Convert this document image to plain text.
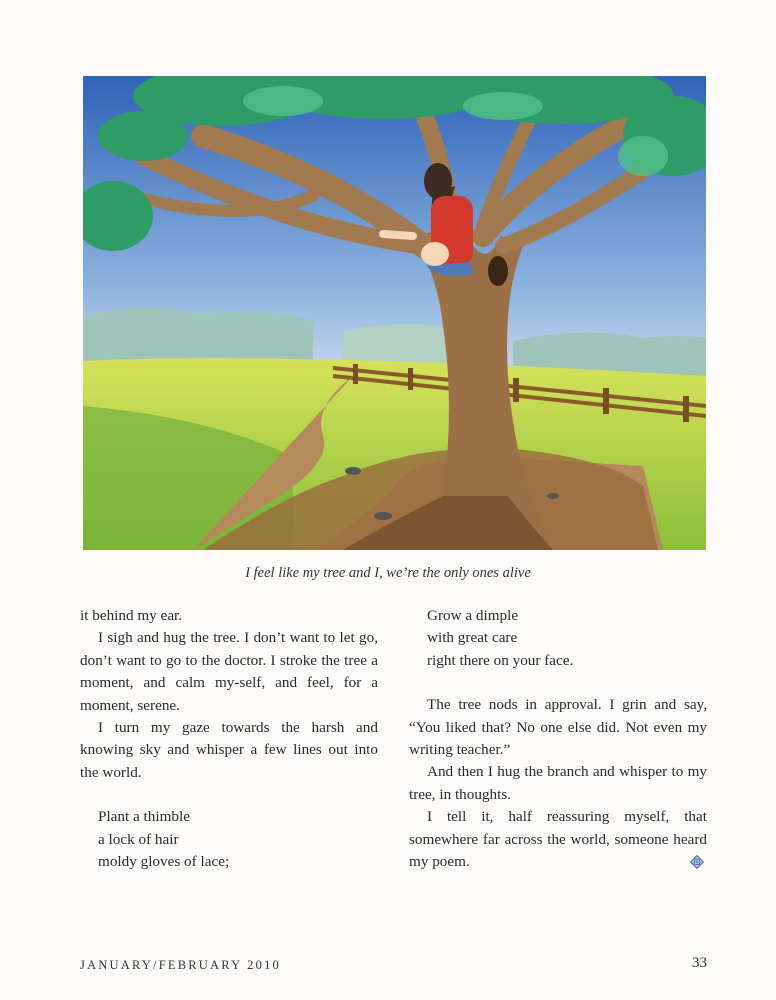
I feel like my tree and I, we’re the only ones alive

it behind my ear.

I sigh and hug the tree. I don’t want to let go, don’t want to go to the doctor. I stroke the tree a moment, and calm my-self, and feel, for a moment, serene.

I turn my gaze towards the harsh and knowing sky and whisper a few lines out into the world.

Plant a thimble
a lock of hair
moldy gloves of lace;
Grow a dimple
with great care
right there on your face.

The tree nods in approval. I grin and say, “You liked that? No one else did. Not even my writing teacher.”

And then I hug the branch and whisper to my tree, in thoughts.

I tell it, half reassuring myself, that somewhere far across the world, someone heard my poem.

JANUARY/FEBRUARY 2010	33
